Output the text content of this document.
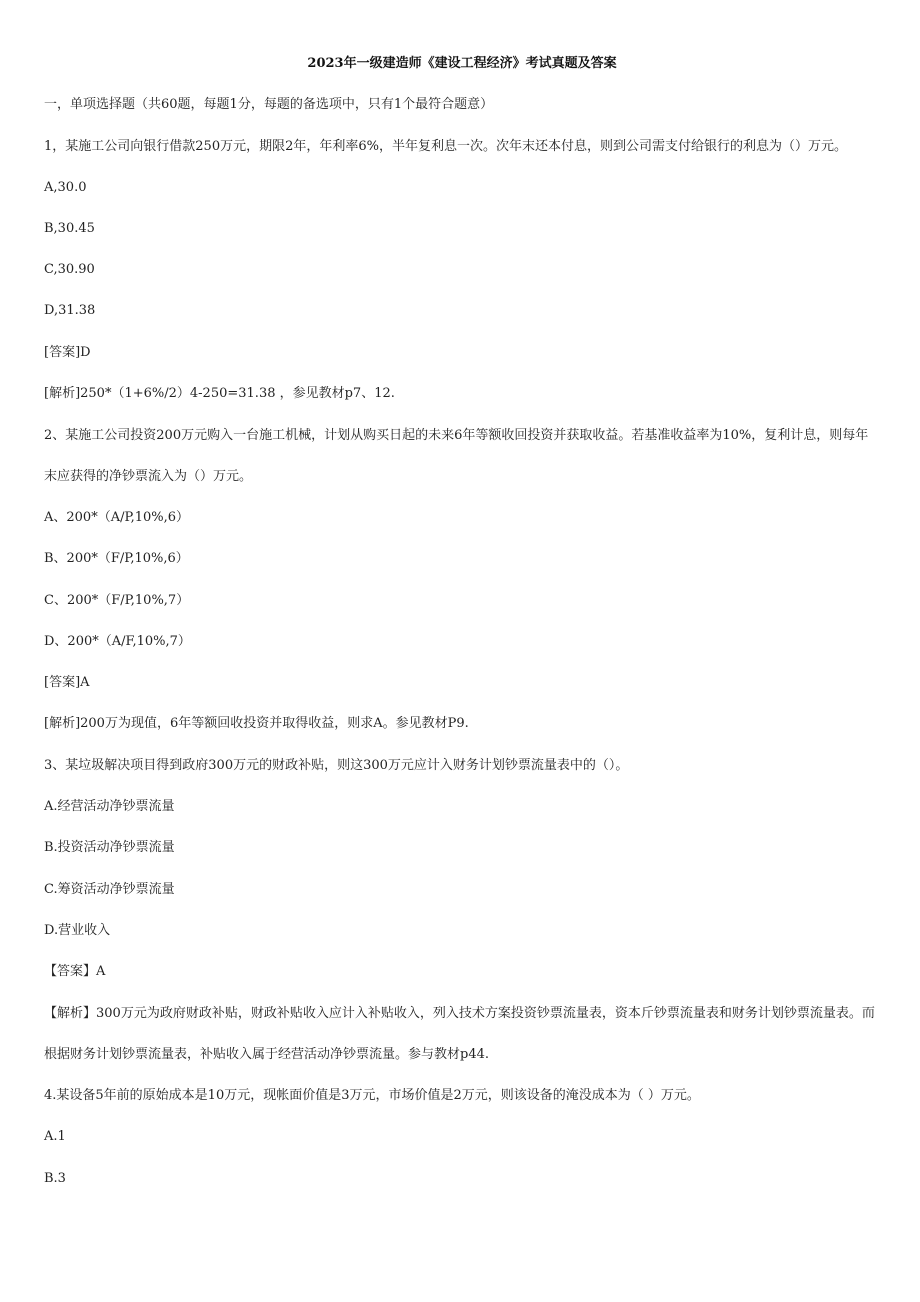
2023年一级建造师《建设工程经济》考试真题及答案
一，单项选择题（共60题，每题1分，每题的备选项中，只有1个最符合题意）
1，某施工公司向银行借款250万元，期限2年，年利率6%，半年复利息一次。次年末还本付息，则到公司需支付给银行的利息为（）万元。
A,30.0
B,30.45
C,30.90
D,31.38
[答案]D
[解析]250*（1+6%/2）4-250=31.38 ，参见教材p7、12.
2、某施工公司投资200万元购入一台施工机械，计划从购买日起的未来6年等额收回投资并获取收益。若基准收益率为10%，复利计息，则每年末应获得的净钞票流入为（）万元。
A、200*（A/P,10%,6）
B、200*（F/P,10%,6）
C、200*（F/P,10%,7）
D、200*（A/F,10%,7）
[答案]A
[解析]200万为现值，6年等额回收投资并取得收益，则求A。参见教材P9.
3、某垃圾解决项目得到政府300万元的财政补贴，则这300万元应计入财务计划钞票流量表中的（）。
A.经营活动净钞票流量
B.投资活动净钞票流量
C.筹资活动净钞票流量
D.营业收入
【答案】A
【解析】300万元为政府财政补贴，财政补贴收入应计入补贴收入，列入技术方案投资钞票流量表，资本斤钞票流量表和财务计划钞票流量表。而根据财务计划钞票流量表，补贴收入属于经营活动净钞票流量。参与教材p44.
4.某设备5年前的原始成本是10万元，现帐面价值是3万元，市场价值是2万元，则该设备的淹没成本为（ ）万元。
A.1
B.3
